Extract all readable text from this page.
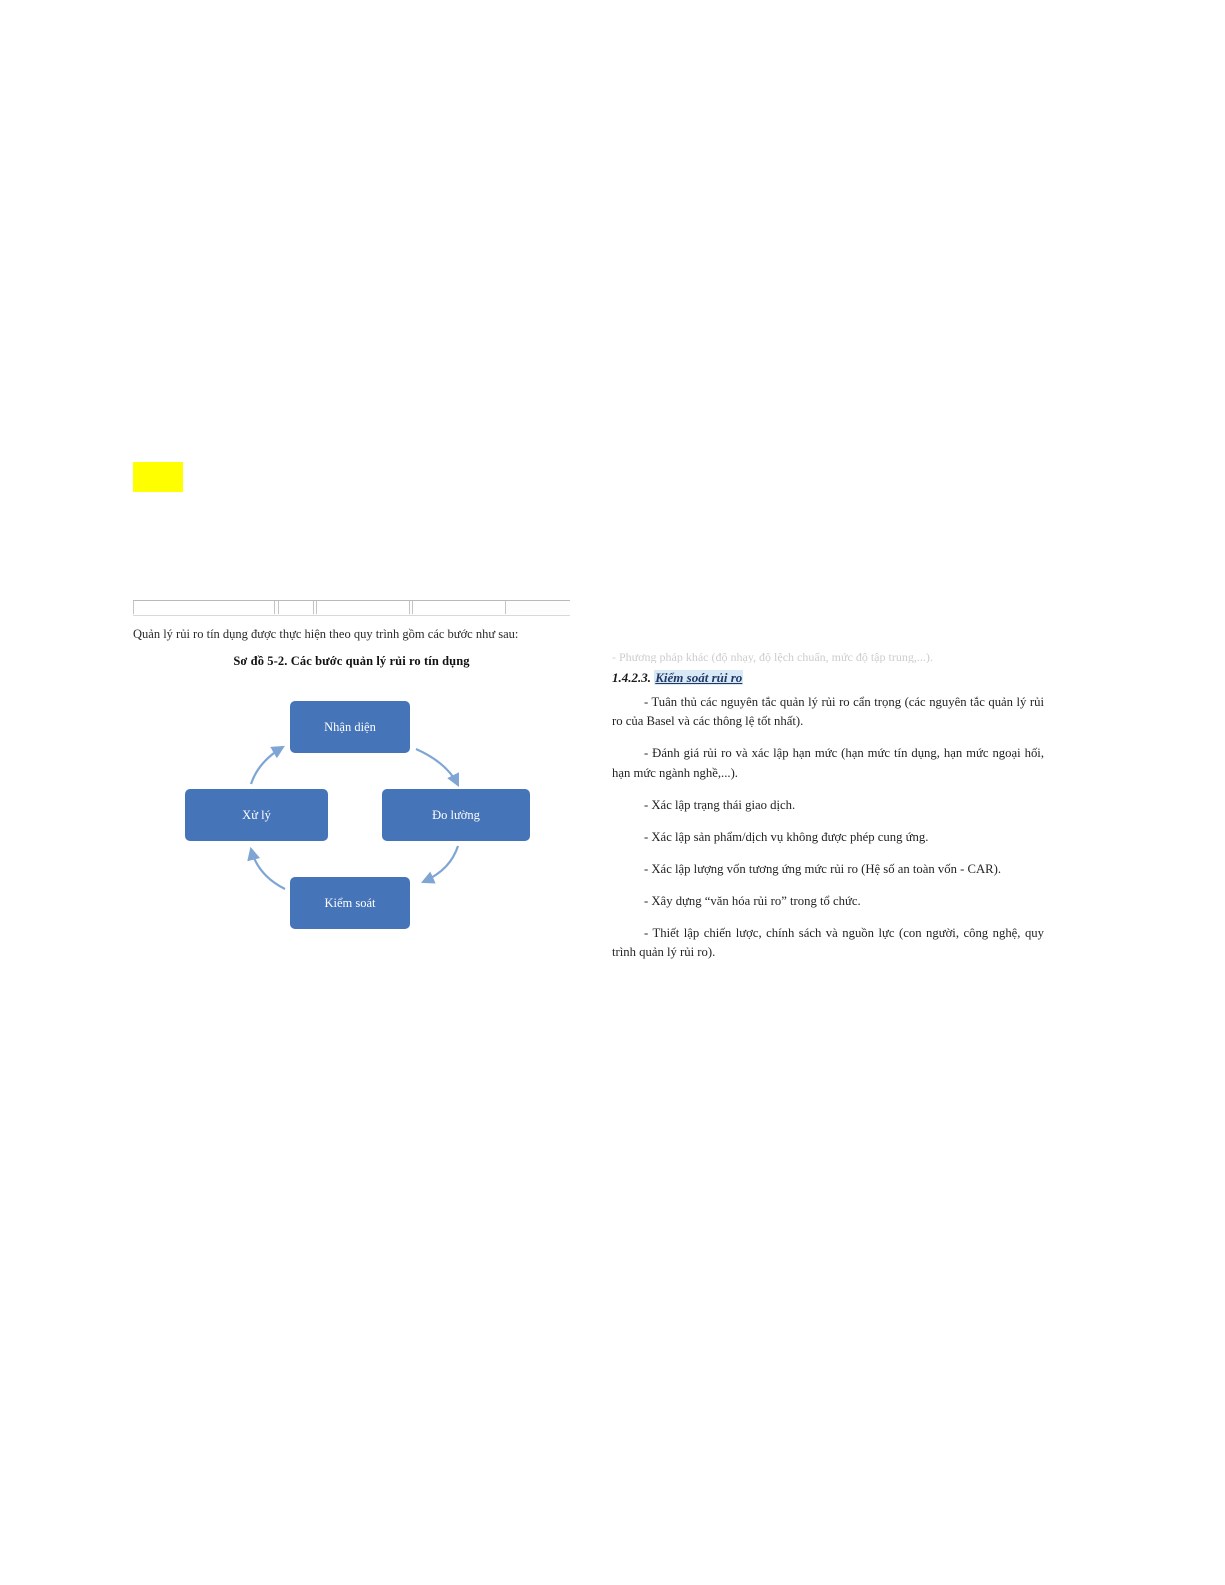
Quản lý rủi ro tín dụng được thực hiện theo quy trình gồm các bước như sau:
Sơ đồ 5-2. Các bước quản lý rủi ro tín dụng
Nhận diện
Đo lường
Kiểm soát
Xử lý
- Phương pháp khác (độ nhạy, độ lệch chuẩn, mức độ tập trung,...).
1.4.2.3. Kiểm soát rủi ro

- Tuân thủ các nguyên tắc quản lý rủi ro cẩn trọng (các nguyên tắc quản lý rủi ro của Basel và các thông lệ tốt nhất).

- Đánh giá rủi ro và xác lập hạn mức (hạn mức tín dụng, hạn mức ngoại hối, hạn mức ngành nghề,...).

- Xác lập trạng thái giao dịch.

- Xác lập sản phẩm/dịch vụ không được phép cung ứng.

- Xác lập lượng vốn tương ứng mức rủi ro (Hệ số an toàn vốn - CAR).

- Xây dựng “văn hóa rủi ro” trong tổ chức.

- Thiết lập chiến lược, chính sách và nguồn lực (con người, công nghệ, quy trình quản lý rủi ro).
